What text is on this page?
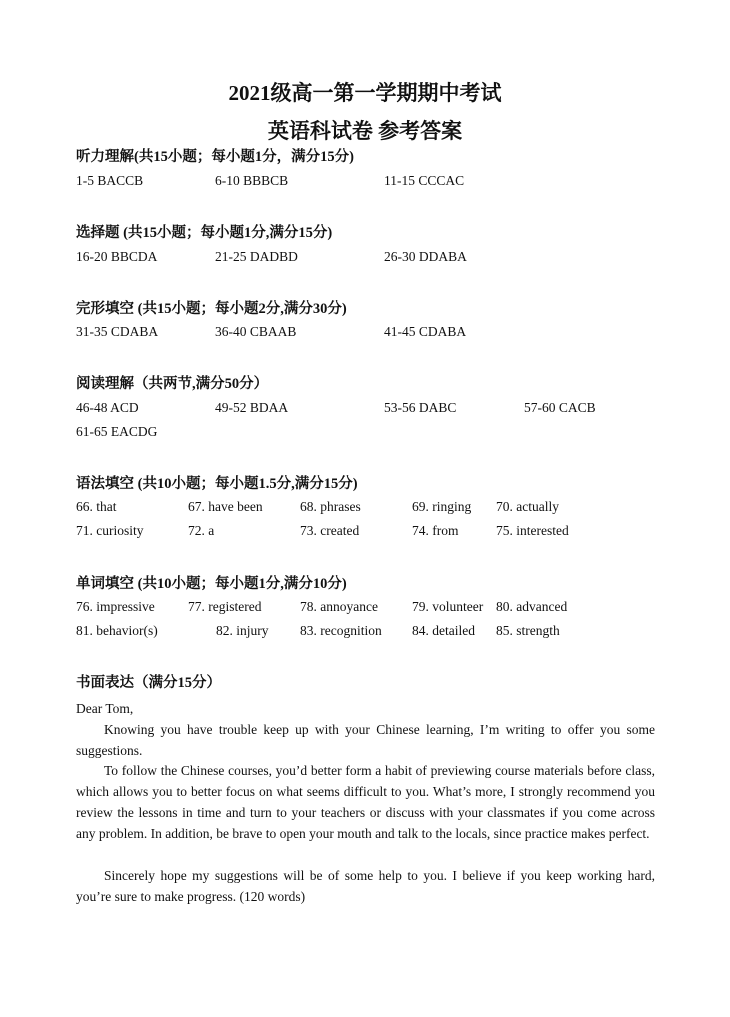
2021级高一第一学期期中考试
英语科试卷 参考答案
听力理解(共15小题；每小题1分，满分15分)
1-5 BACCB	6-10 BBBCB	11-15 CCCAC
选择题 (共15小题；每小题1分,满分15分)
16-20 BBCDA	21-25 DADBD	26-30 DDABA
完形填空 (共15小题；每小题2分,满分30分)
31-35 CDABA	36-40 CBAAB	41-45 CDABA
阅读理解（共两节,满分50分）
46-48 ACD	49-52 BDAA	53-56 DABC	57-60 CACB
61-65 EACDG
语法填空 (共10小题；每小题1.5分,满分15分)
66. that	67. have been	68. phrases	69. ringing 70. actually
71. curiosity	72. a	73. created	74. from	75. interested
单词填空 (共10小题；每小题1分,满分10分)
76. impressive 77. registered	78. annoyance	79. volunteer 80. advanced
81. behavior(s)	82. injury 83. recognition 84. detailed 85. strength
书面表达（满分15分）
Dear Tom,
Knowing you have trouble keep up with your Chinese learning, I’m writing to offer you some suggestions.
To follow the Chinese courses, you’d better form a habit of previewing course materials before class, which allows you to better focus on what seems difficult to you. What’s more, I strongly recommend you review the lessons in time and turn to your teachers or discuss with your classmates if you come across any problem. In addition, be brave to open your mouth and talk to the locals, since practice makes perfect.
Sincerely hope my suggestions will be of some help to you. I believe if you keep working hard, you’re sure to make progress. (120 words)
